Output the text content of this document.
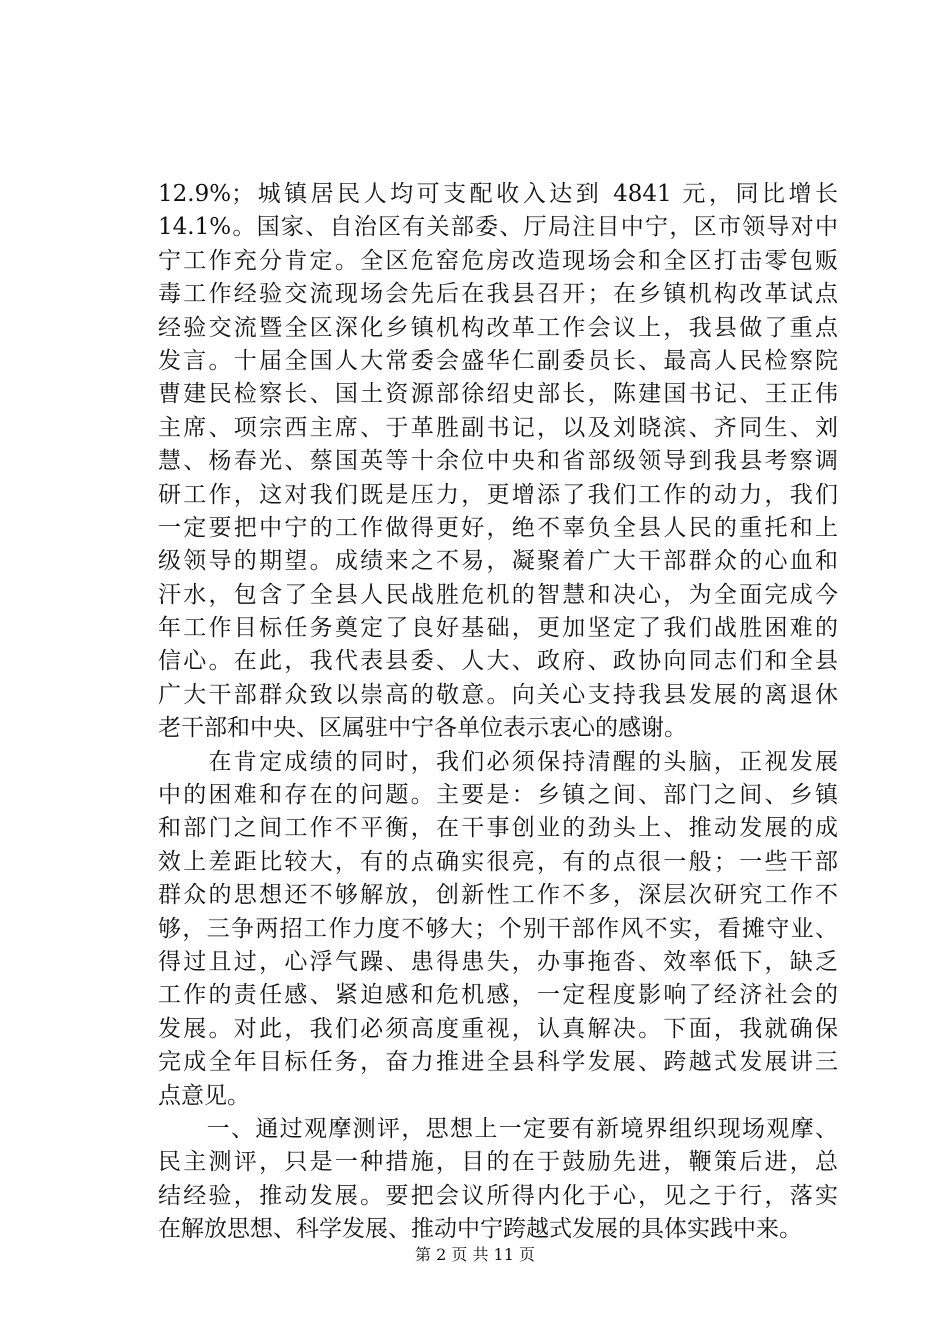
12.9%；城镇居民人均可支配收入达到 4841 元，同比增长
14.1%。国家、自治区有关部委、厅局注目中宁，区市领导对中
宁工作充分肯定。全区危窑危房改造现场会和全区打击零包贩
毒工作经验交流现场会先后在我县召开；在乡镇机构改革试点
经验交流暨全区深化乡镇机构改革工作会议上，我县做了重点
发言。十届全国人大常委会盛华仁副委员长、最高人民检察院
曹建民检察长、国土资源部徐绍史部长，陈建国书记、王正伟
主席、项宗西主席、于革胜副书记，以及刘晓滨、齐同生、刘
慧、杨春光、蔡国英等十余位中央和省部级领导到我县考察调
研工作，这对我们既是压力，更增添了我们工作的动力，我们
一定要把中宁的工作做得更好，绝不辜负全县人民的重托和上
级领导的期望。成绩来之不易，凝聚着广大干部群众的心血和
汗水，包含了全县人民战胜危机的智慧和决心，为全面完成今
年工作目标任务奠定了良好基础，更加坚定了我们战胜困难的
信心。在此，我代表县委、人大、政府、政协向同志们和全县
广大干部群众致以崇高的敬意。向关心支持我县发展的离退休
老干部和中央、区属驻中宁各单位表示衷心的感谢。
　　在肯定成绩的同时，我们必须保持清醒的头脑，正视发展
中的困难和存在的问题。主要是：乡镇之间、部门之间、乡镇
和部门之间工作不平衡，在干事创业的劲头上、推动发展的成
效上差距比较大，有的点确实很亮，有的点很一般；一些干部
群众的思想还不够解放，创新性工作不多，深层次研究工作不
够，三争两招工作力度不够大；个别干部作风不实，看摊守业、
得过且过，心浮气躁、患得患失，办事拖沓、效率低下，缺乏
工作的责任感、紧迫感和危机感，一定程度影响了经济社会的
发展。对此，我们必须高度重视，认真解决。下面，我就确保
完成全年目标任务，奋力推进全县科学发展、跨越式发展讲三
点意见。
　　一、通过观摩测评，思想上一定要有新境界组织现场观摩、
民主测评，只是一种措施，目的在于鼓励先进，鞭策后进，总
结经验，推动发展。要把会议所得内化于心，见之于行，落实
在解放思想、科学发展、推动中宁跨越式发展的具体实践中来。
第 2 页 共 11 页
